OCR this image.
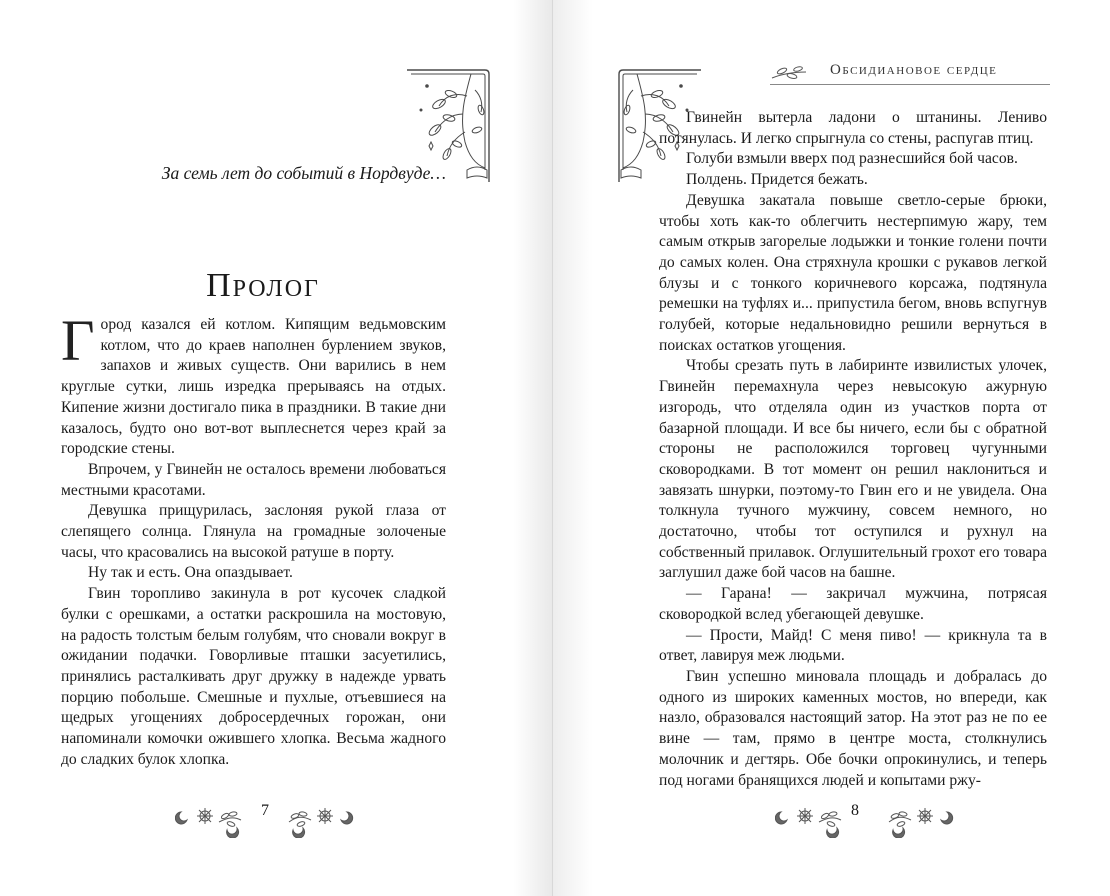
За семь лет до событий в Нордвуде…
Пролог

Город казался ей котлом. Кипящим ведьмовским котлом, что до краев наполнен бурлением звуков, запахов и живых существ. Они варились в нем круглые сутки, лишь изредка прерываясь на отдых. Кипение жизни достигало пика в праздники. В такие дни казалось, будто оно вот-вот выплеснется через край за городские стены.

Впрочем, у Гвинейн не осталось времени любоваться местными красотами.

Девушка прищурилась, заслоняя рукой глаза от слепящего солнца. Глянула на громадные золоченые часы, что красовались на высокой ратуше в порту.

Ну так и есть. Она опаздывает.

Гвин торопливо закинула в рот кусочек сладкой булки с орешками, а остатки раскрошила на мостовую, на радость толстым белым голубям, что сновали вокруг в ожидании подачки. Говорливые пташки засуетились, принялись расталкивать друг дружку в надежде урвать порцию побольше. Смешные и пухлые, отъевшиеся на щедрых угощениях добросердечных горожан, они напоминали комочки ожившего хлопка. Весьма жадного до сладких булок хлопка.

7
Обсидиановое сердце

Гвинейн вытерла ладони о штанины. Лениво потянулась. И легко спрыгнула со стены, распугав птиц.

Голуби взмыли вверх под разнесшийся бой часов.

Полдень. Придется бежать.

Девушка закатала повыше светло-серые брюки, чтобы хоть как-то облегчить нестерпимую жару, тем самым открыв загорелые лодыжки и тонкие голени почти до самых колен. Она стряхнула крошки с рукавов легкой блузы и с тонкого коричневого корсажа, подтянула ремешки на туфлях и... припустила бегом, вновь вспугнув голубей, которые недальновидно решили вернуться в поисках остатков угощения.

Чтобы срезать путь в лабиринте извилистых улочек, Гвинейн перемахнула через невысокую ажурную изгородь, что отделяла один из участков порта от базарной площади. И все бы ничего, если бы с обратной стороны не расположился торговец чугунными сковородками. В тот момент он решил наклониться и завязать шнурки, поэтому-то Гвин его и не увидела. Она толкнула тучного мужчину, совсем немного, но достаточно, чтобы тот оступился и рухнул на собственный прилавок. Оглушительный грохот его товара заглушил даже бой часов на башне.

— Гарана! — закричал мужчина, потрясая сковородкой вслед убегающей девушке.

— Прости, Майд! С меня пиво! — крикнула та в ответ, лавируя меж людьми.

Гвин успешно миновала площадь и добралась до одного из широких каменных мостов, но впереди, как назло, образовался настоящий затор. На этот раз не по ее вине — там, прямо в центре моста, столкнулись молочник и дегтярь. Обе бочки опрокинулись, и теперь под ногами бранящихся людей и копытами ржу-

8
